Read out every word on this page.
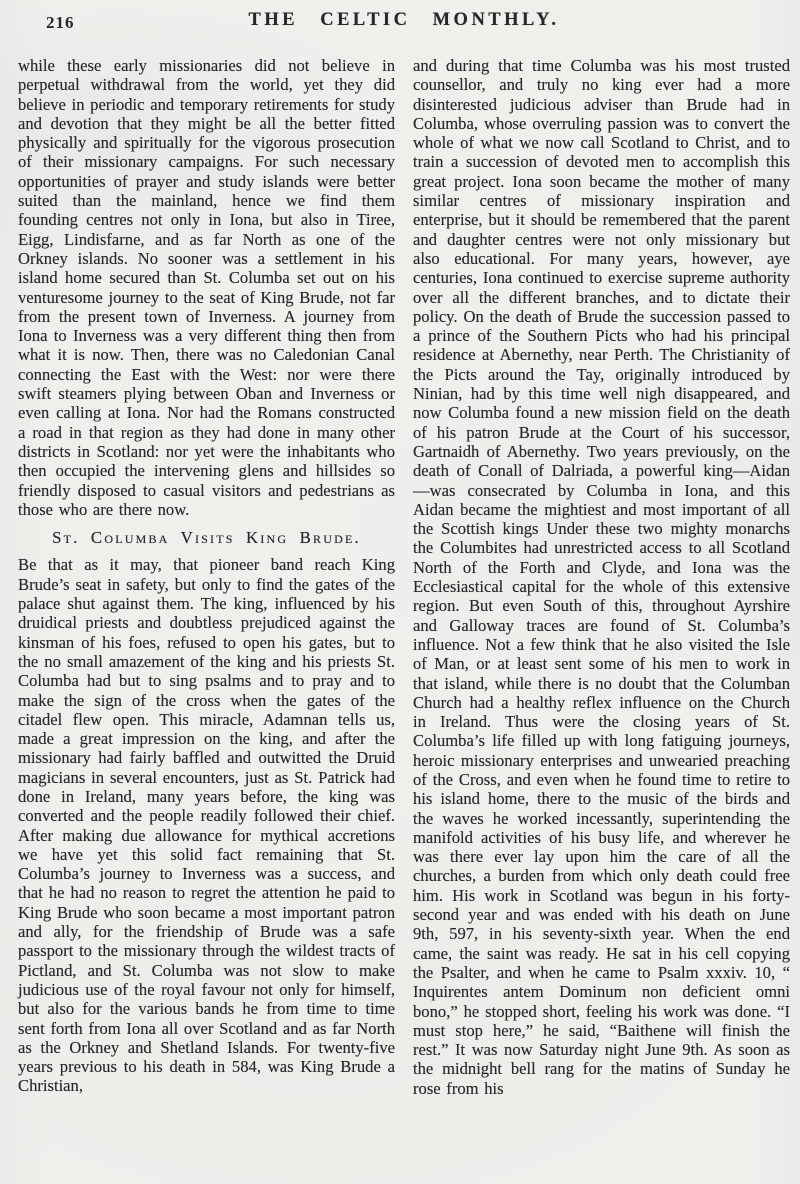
216	THE CELTIC MONTHLY.

while these early missionaries did not believe in perpetual withdrawal from the world, yet they did believe in periodic and temporary retirements for study and devotion that they might be all the better fitted physically and spiritually for the vigorous prosecution of their missionary campaigns. For such necessary opportunities of prayer and study islands were better suited than the mainland, hence we find them founding centres not only in Iona, but also in Tiree, Eigg, Lindisfarne, and as far North as one of the Orkney islands. No sooner was a settlement in his island home secured than St. Columba set out on his venturesome journey to the seat of King Brude, not far from the present town of Inverness. A journey from Iona to Inverness was a very different thing then from what it is now. Then, there was no Caledonian Canal connecting the East with the West: nor were there swift steamers plying between Oban and Inverness or even calling at Iona. Nor had the Romans constructed a road in that region as they had done in many other districts in Scotland: nor yet were the inhabitants who then occupied the intervening glens and hillsides so friendly disposed to casual visitors and pedestrians as those who are there now.

St. Columba Visits King Brude.

Be that as it may, that pioneer band reach King Brude’s seat in safety, but only to find the gates of the palace shut against them. The king, influenced by his druidical priests and doubtless prejudiced against the kinsman of his foes, refused to open his gates, but to the no small amazement of the king and his priests St. Columba had but to sing psalms and to pray and to make the sign of the cross when the gates of the citadel flew open. This miracle, Adamnan tells us, made a great impression on the king, and after the missionary had fairly baffled and outwitted the Druid magicians in several encounters, just as St. Patrick had done in Ireland, many years before, the king was converted and the people readily followed their chief. After making due allowance for mythical accretions we have yet this solid fact remaining that St. Columba’s journey to Inverness was a success, and that he had no reason to regret the attention he paid to King Brude who soon became a most important patron and ally, for the friendship of Brude was a safe passport to the missionary through the wildest tracts of Pictland, and St. Columba was not slow to make judicious use of the royal favour not only for himself, but also for the various bands he from time to time sent forth from Iona all over Scotland and as far North as the Orkney and Shetland Islands. For twenty-five years previous to his death in 584, was King Brude a Christian,

and during that time Columba was his most trusted counsellor, and truly no king ever had a more disinterested judicious adviser than Brude had in Columba, whose overruling passion was to convert the whole of what we now call Scotland to Christ, and to train a succession of devoted men to accomplish this great project. Iona soon became the mother of many similar centres of missionary inspiration and enterprise, but it should be remembered that the parent and daughter centres were not only missionary but also educational. For many years, however, aye centuries, Iona continued to exercise supreme authority over all the different branches, and to dictate their policy. On the death of Brude the succession passed to a prince of the Southern Picts who had his principal residence at Abernethy, near Perth. The Christianity of the Picts around the Tay, originally introduced by Ninian, had by this time well nigh disappeared, and now Columba found a new mission field on the death of his patron Brude at the Court of his successor, Gartnaidh of Abernethy. Two years previously, on the death of Conall of Dalriada, a powerful king—Aidan—was consecrated by Columba in Iona, and this Aidan became the mightiest and most important of all the Scottish kings Under these two mighty monarchs the Columbites had unrestricted access to all Scotland North of the Forth and Clyde, and Iona was the Ecclesiastical capital for the whole of this extensive region. But even South of this, throughout Ayrshire and Galloway traces are found of St. Columba’s influence. Not a few think that he also visited the Isle of Man, or at least sent some of his men to work in that island, while there is no doubt that the Columban Church had a healthy reflex influence on the Church in Ireland. Thus were the closing years of St. Columba’s life filled up with long fatiguing journeys, heroic missionary enterprises and unwearied preaching of the Cross, and even when he found time to retire to his island home, there to the music of the birds and the waves he worked incessantly, superintending the manifold activities of his busy life, and wherever he was there ever lay upon him the care of all the churches, a burden from which only death could free him. His work in Scotland was begun in his forty-second year and was ended with his death on June 9th, 597, in his seventy-sixth year. When the end came, the saint was ready. He sat in his cell copying the Psalter, and when he came to Psalm xxxiv. 10, “ Inquirentes antem Dominum non deficient omni bono,” he stopped short, feeling his work was done. “I must stop here,” he said, “Baithene will finish the rest.” It was now Saturday night June 9th. As soon as the midnight bell rang for the matins of Sunday he rose from his
